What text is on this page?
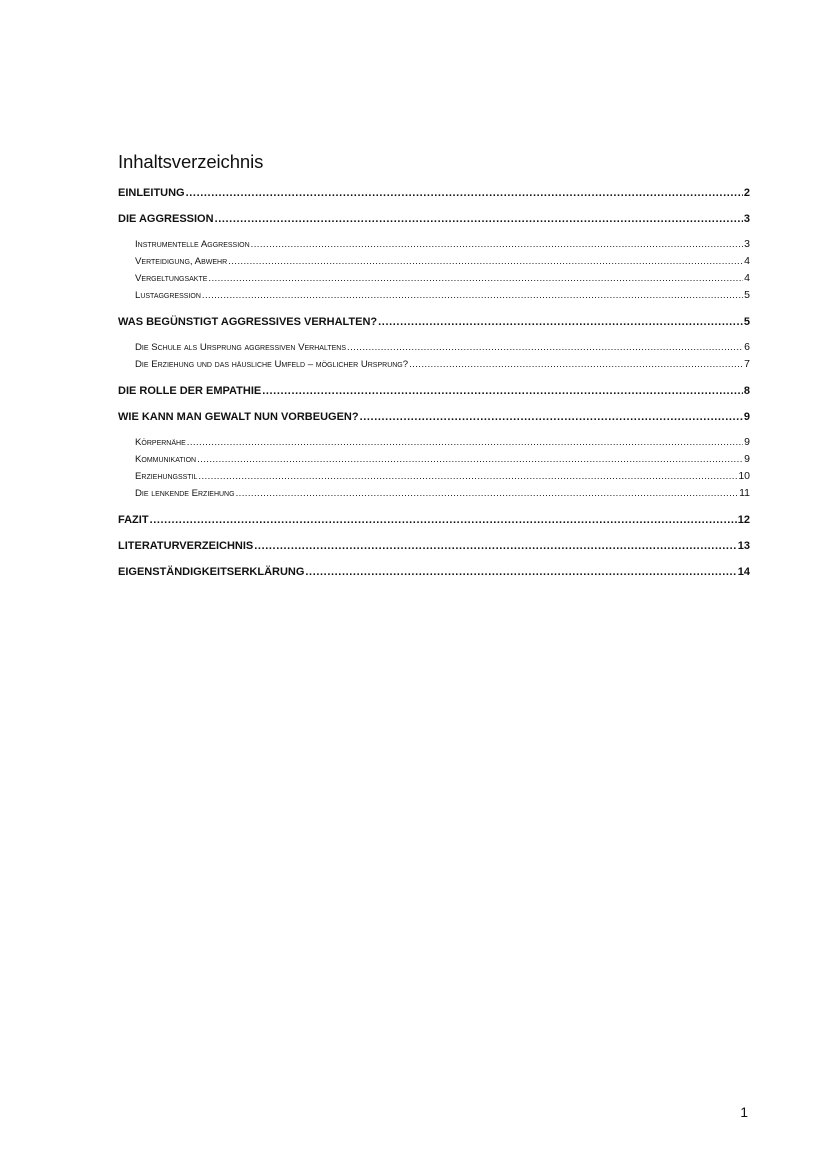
Inhaltsverzeichnis
EINLEITUNG .....	2
DIE AGGRESSION .....	3
Instrumentelle Aggression .....	3
Verteidigung, Abwehr .....	4
Vergeltungsakte .....	4
Lustaggression .....	5
WAS BEGÜNSTIGT AGGRESSIVES VERHALTEN? .....	5
Die Schule als Ursprung aggressiven Verhaltens .....	6
Die Erziehung und das häusliche Umfeld – möglicher Ursprung? .....	7
DIE ROLLE DER EMPATHIE .....	8
WIE KANN MAN GEWALT NUN VORBEUGEN? .....	9
Körpernähe .....	9
Kommunikation .....	9
Erziehungsstil .....	10
Die lenkende Erziehung .....	11
FAZIT .....	12
LITERATURVERZEICHNIS .....	13
EIGENSTÄNDIGKEITSERKLÄRUNG .....	14
1
